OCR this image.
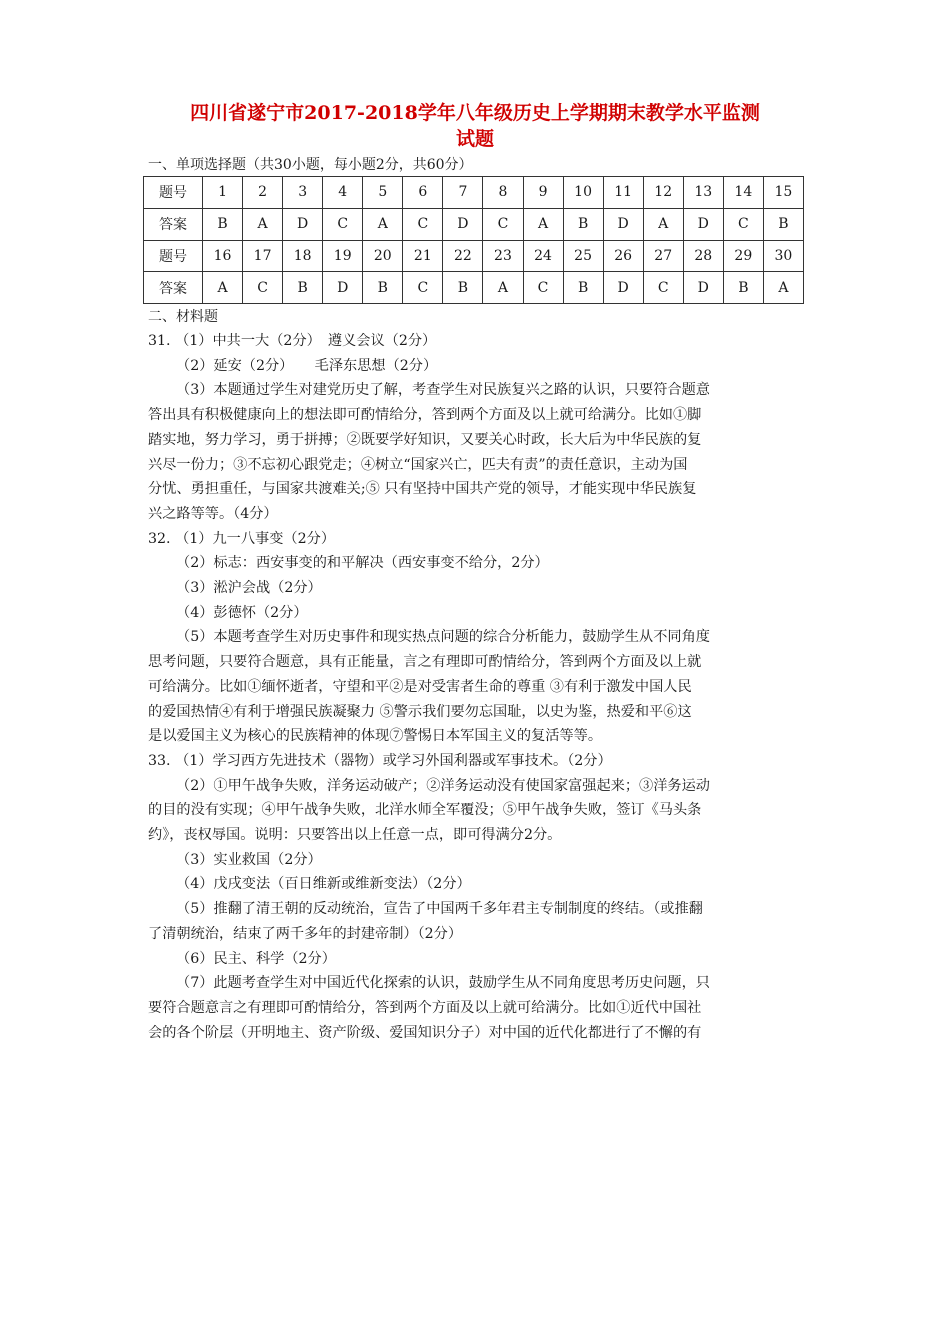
四川省遂宁市2017-2018学年八年级历史上学期期末教学水平监测
试题
一、单项选择题（共30小题，每小题2分，共60分）
题号	1	2	3	4	5	6	7	8	9	10	11	12	13	14	15
答案	B	A	D	C	A	C	D	C	A	B	D	A	D	C	B
题号	16	17	18	19	20	21	22	23	24	25	26	27	28	29	30
答案	A	C	B	D	B	C	B	A	C	B	D	C	D	B	A
二、材料题

31. （1）中共一大（2分）　遵义会议（2分）

（2）延安（2分）　　毛泽东思想（2分）

（3）本题通过学生对建党历史了解，考查学生对民族复兴之路的认识，只要符合题意

答出具有积极健康向上的想法即可酌情给分，答到两个方面及以上就可给满分。比如①脚

踏实地，努力学习，勇于拼搏；②既要学好知识，又要关心时政，长大后为中华民族的复

兴尽一份力；③不忘初心跟党走；④树立“国家兴亡，匹夫有责”的责任意识，主动为国

分忧、勇担重任，与国家共渡难关;⑤ 只有坚持中国共产党的领导，才能实现中华民族复

兴之路等等。（4分）

32. （1）九一八事变（2分）

（2）标志：西安事变的和平解决（西安事变不给分，2分）

（3）淞沪会战（2分）

（4）彭德怀（2分）

（5）本题考查学生对历史事件和现实热点问题的综合分析能力，鼓励学生从不同角度

思考问题，只要符合题意，具有正能量，言之有理即可酌情给分，答到两个方面及以上就

可给满分。比如①缅怀逝者，守望和平②是对受害者生命的尊重 ③有利于激发中国人民

的爱国热情④有利于增强民族凝聚力 ⑤警示我们要勿忘国耻，以史为鉴，热爱和平⑥这

是以爱国主义为核心的民族精神的体现⑦警惕日本军国主义的复活等等。

33. （1）学习西方先进技术（器物）或学习外国利器或军事技术。（2分）

（2）①甲午战争失败，洋务运动破产；②洋务运动没有使国家富强起来；③洋务运动

的目的没有实现；④甲午战争失败，北洋水师全军覆没；⑤甲午战争失败，签订《马头条

约》，丧权辱国。说明：只要答出以上任意一点，即可得满分2分。

（3）实业救国（2分）

（4）戊戌变法（百日维新或维新变法）（2分）

（5）推翻了清王朝的反动统治，宣告了中国两千多年君主专制制度的终结。（或推翻

了清朝统治，结束了两千多年的封建帝制）（2分）

（6）民主、科学（2分）

（7）此题考查学生对中国近代化探索的认识，鼓励学生从不同角度思考历史问题，只

要符合题意言之有理即可酌情给分，答到两个方面及以上就可给满分。比如①近代中国社

会的各个阶层（开明地主、资产阶级、爱国知识分子）对中国的近代化都进行了不懈的有
